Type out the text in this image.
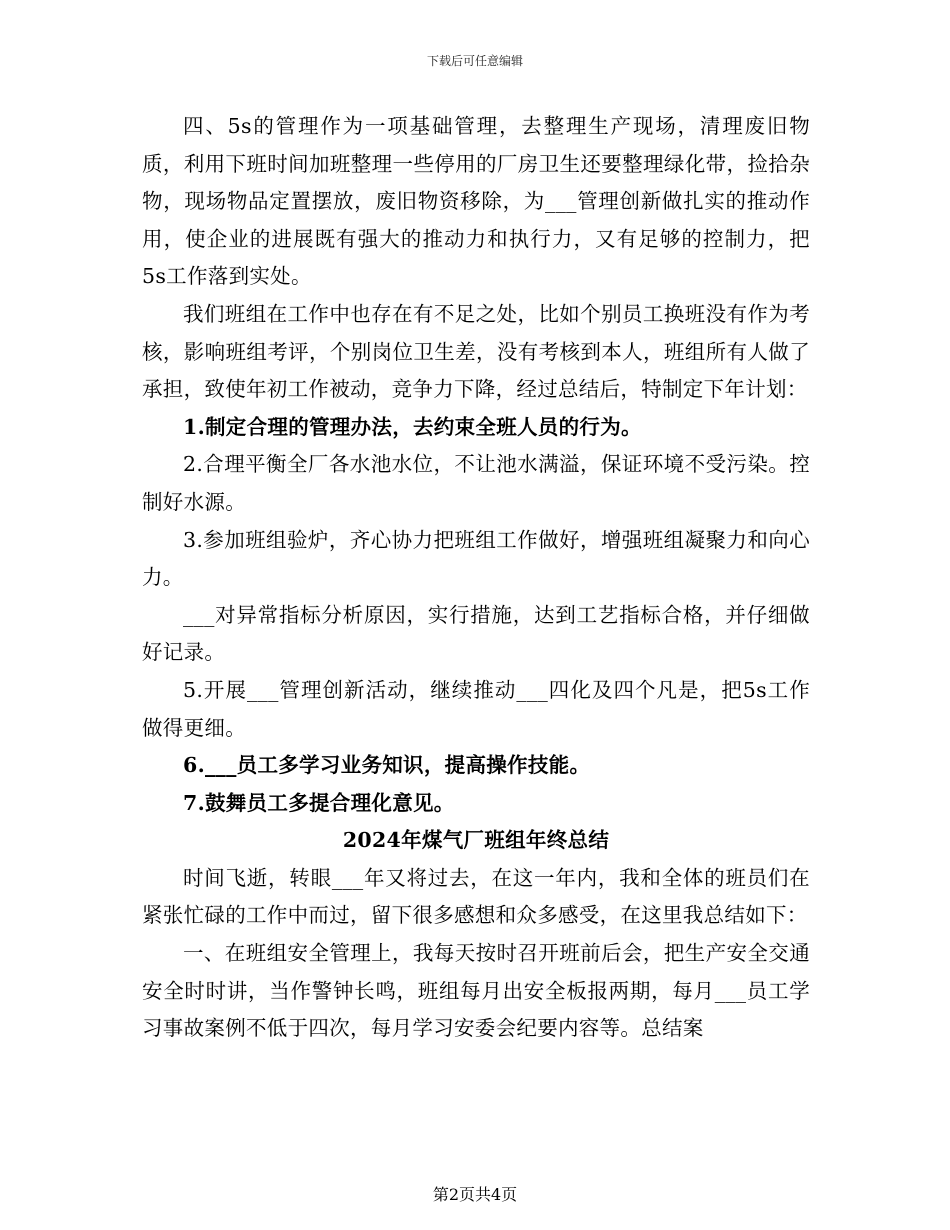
下载后可任意编辑

四、5s的管理作为一项基础管理，去整理生产现场，清理废旧物质，利用下班时间加班整理一些停用的厂房卫生还要整理绿化带，捡拾杂物，现场物品定置摆放，废旧物资移除，为___管理创新做扎实的推动作用，使企业的进展既有强大的推动力和执行力，又有足够的控制力，把5s工作落到实处。

我们班组在工作中也存在有不足之处，比如个别员工换班没有作为考核，影响班组考评，个别岗位卫生差，没有考核到本人，班组所有人做了承担，致使年初工作被动，竞争力下降，经过总结后，特制定下年计划：

1.制定合理的管理办法，去约束全班人员的行为。

2.合理平衡全厂各水池水位，不让池水满溢，保证环境不受污染。控制好水源。

3.参加班组验炉，齐心协力把班组工作做好，增强班组凝聚力和向心力。

___对异常指标分析原因，实行措施，达到工艺指标合格，并仔细做好记录。

5.开展___管理创新活动，继续推动___四化及四个凡是，把5s工作做得更细。

6.___员工多学习业务知识，提高操作技能。

7.鼓舞员工多提合理化意见。

2024年煤气厂班组年终总结

时间飞逝，转眼___年又将过去，在这一年内，我和全体的班员们在紧张忙碌的工作中而过，留下很多感想和众多感受，在这里我总结如下：

一、在班组安全管理上，我每天按时召开班前后会，把生产安全交通安全时时讲，当作警钟长鸣，班组每月出安全板报两期，每月___员工学习事故案例不低于四次，每月学习安委会纪要内容等。总结案

第2页共4页
